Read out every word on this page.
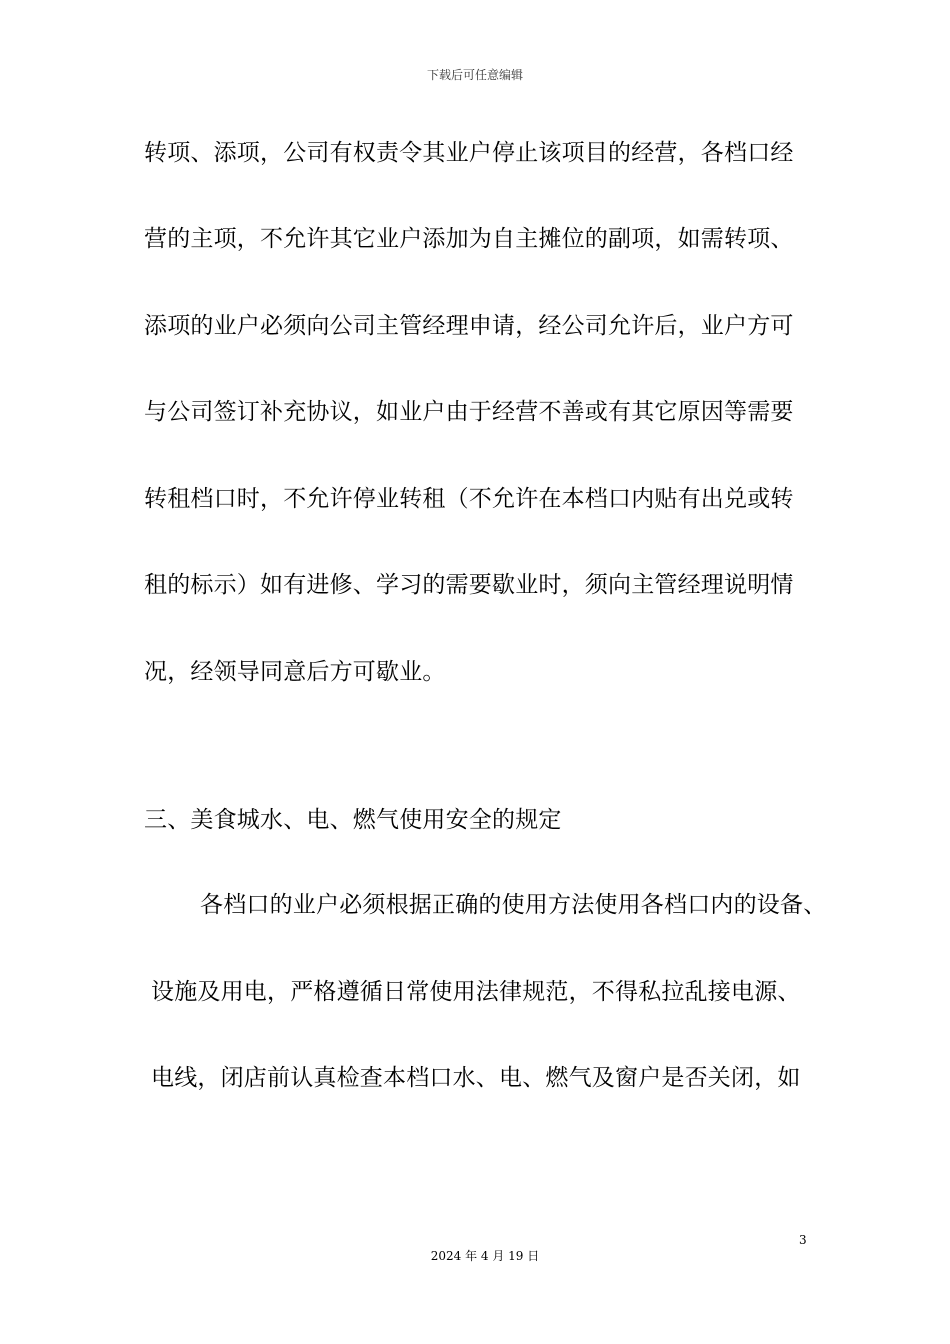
下载后可任意编辑
转项、添项，公司有权责令其业户停止该项目的经营，各档口经
营的主项，不允许其它业户添加为自主摊位的副项，如需转项、
添项的业户必须向公司主管经理申请，经公司允许后，业户方可
与公司签订补充协议，如业户由于经营不善或有其它原因等需要
转租档口时，不允许停业转租（不允许在本档口内贴有出兑或转
租的标示）如有进修、学习的需要歇业时，须向主管经理说明情
况，经领导同意后方可歇业。
三、美食城水、电、燃气使用安全的规定
各档口的业户必须根据正确的使用方法使用各档口内的设备、
设施及用电，严格遵循日常使用法律规范，不得私拉乱接电源、
电线，闭店前认真检查本档口水、电、燃气及窗户是否关闭，如
3
2024 年 4 月 19 日
